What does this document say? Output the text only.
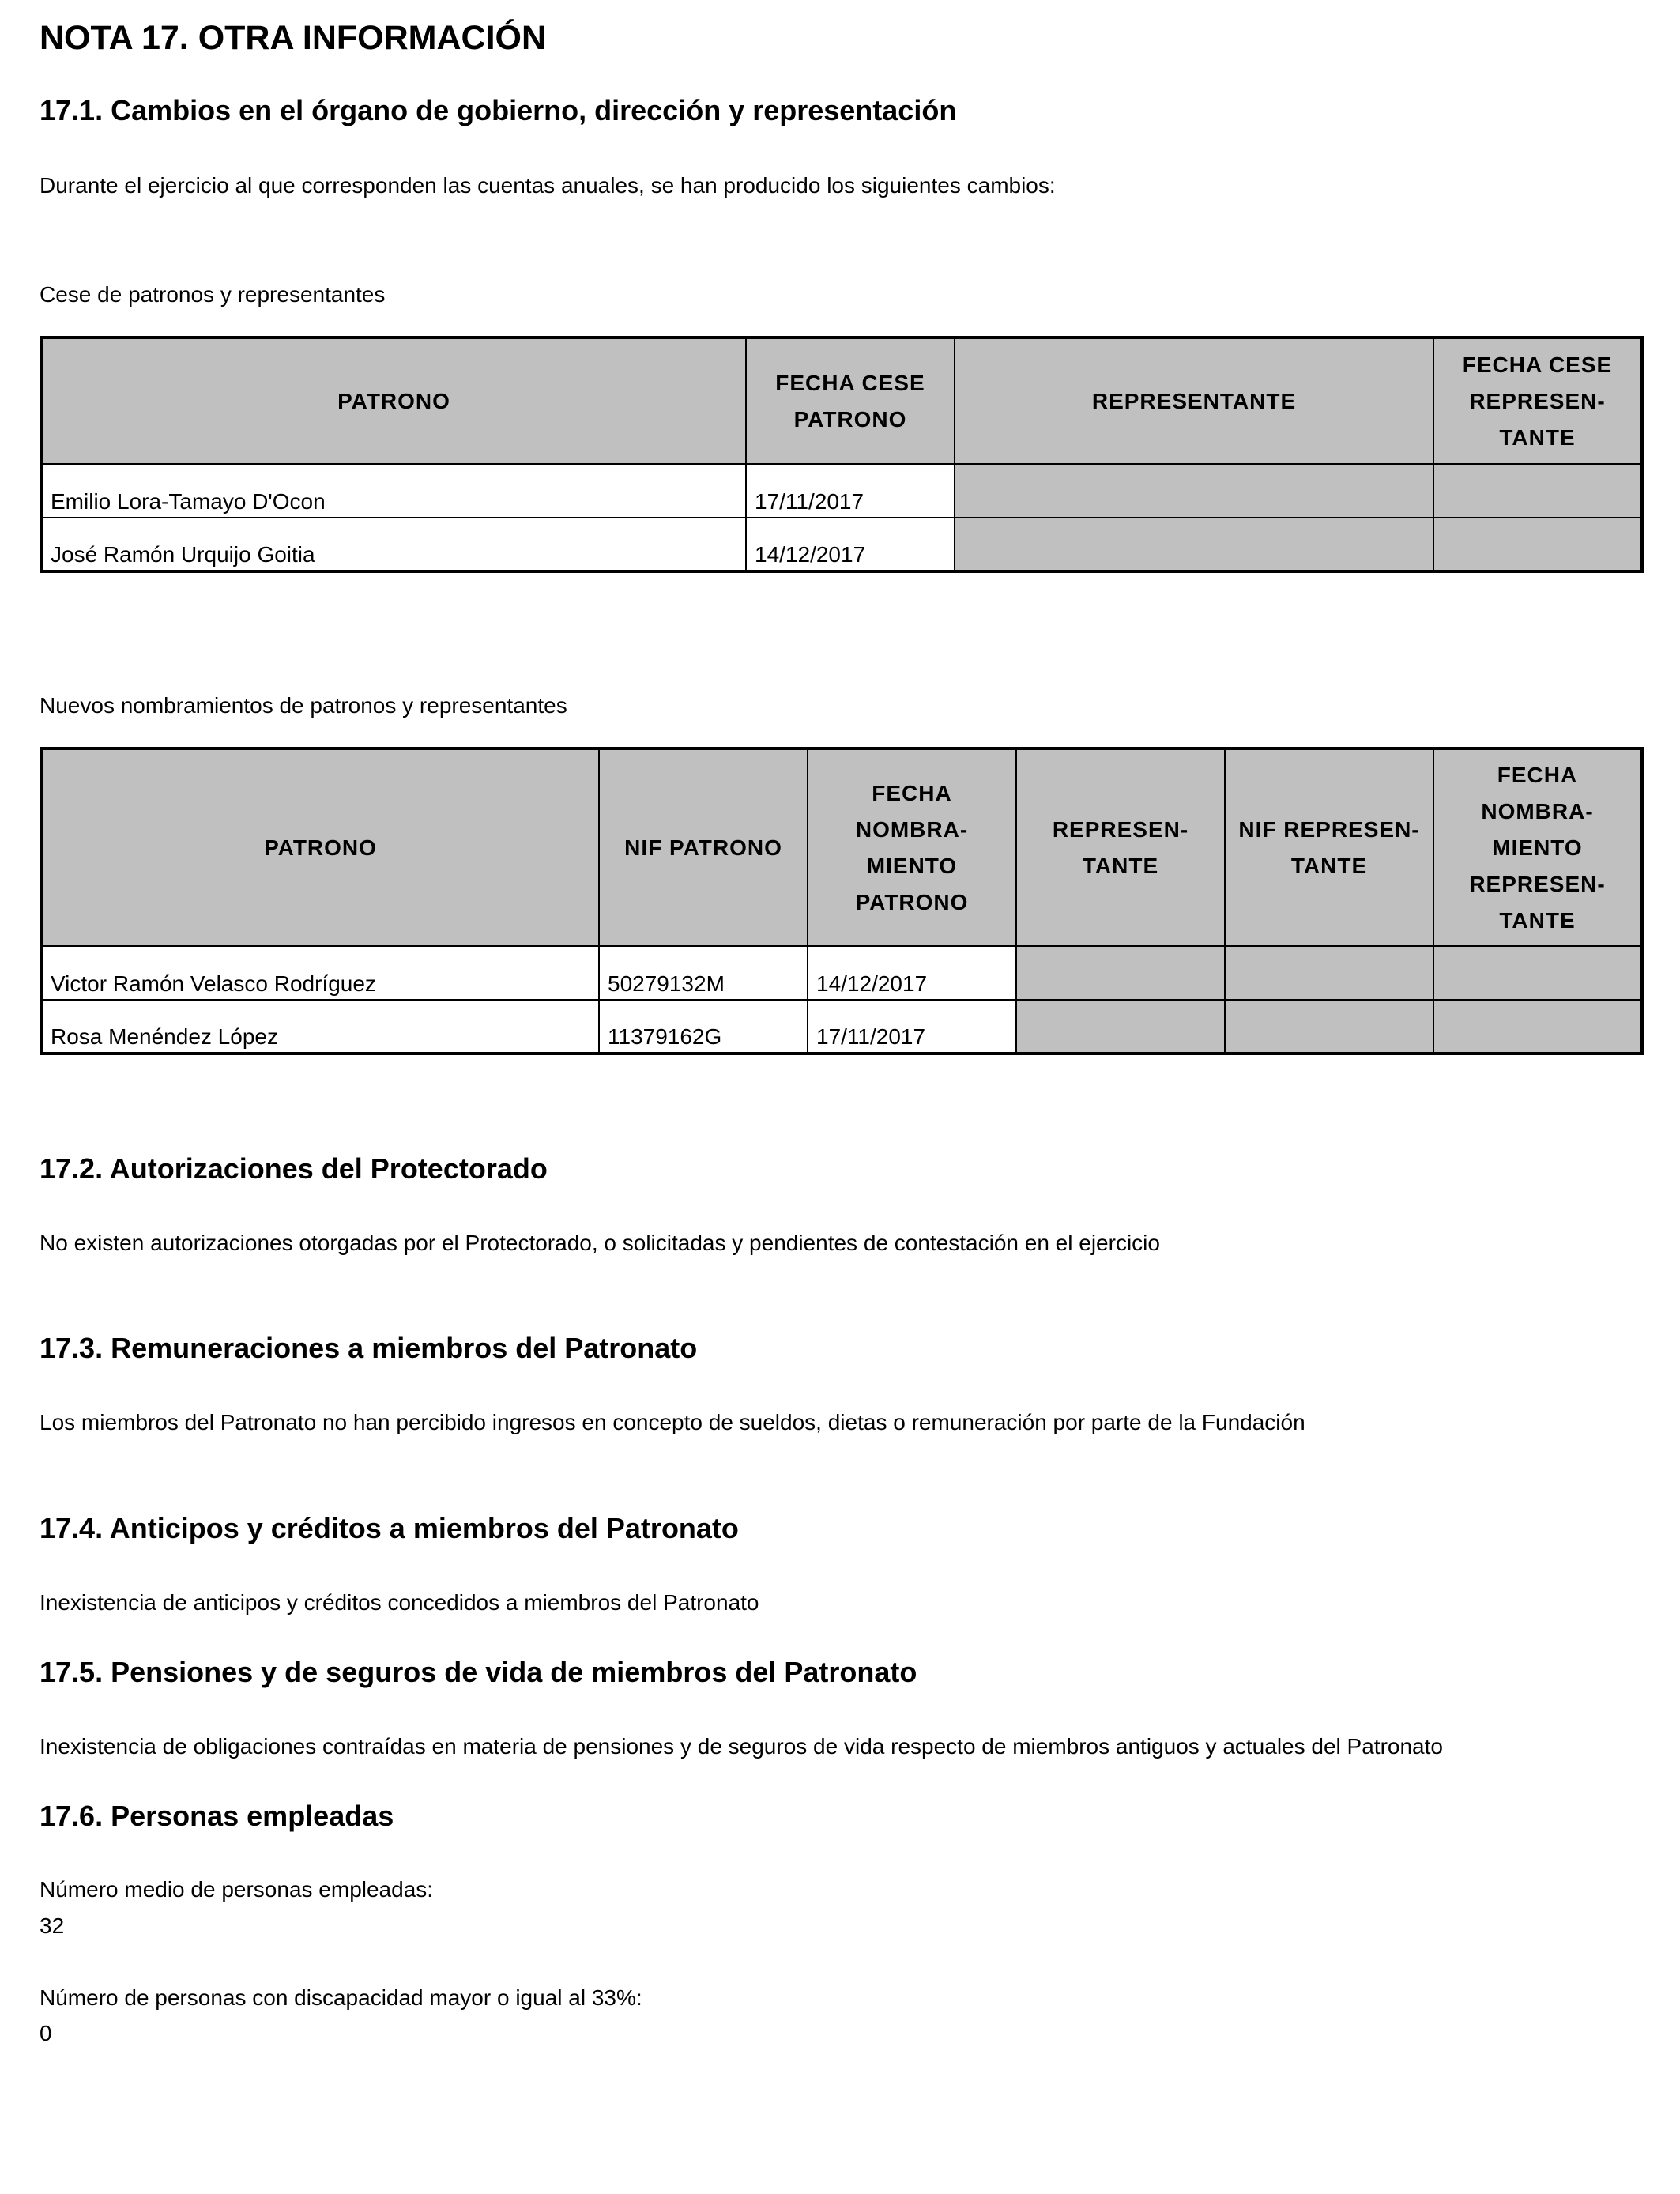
NOTA 17. OTRA INFORMACIÓN
17.1. Cambios en el órgano de gobierno, dirección y representación
Durante el ejercicio al que corresponden las cuentas anuales, se han producido los siguientes cambios:
Cese de patronos y representantes
PATRONO	FECHA CESE PATRONO	REPRESENTANTE	FECHA CESE REPRESEN- TANTE

Emilio Lora-Tamayo D'Ocon	17/11/2017		
José Ramón Urquijo Goitia	14/12/2017		
Nuevos nombramientos de patronos y representantes
PATRONO	NIF PATRONO	FECHA NOMBRA- MIENTO PATRONO	REPRESEN- TANTE	NIF REPRESEN- TANTE	FECHA NOMBRA- MIENTO REPRESEN- TANTE

Victor Ramón Velasco Rodríguez	50279132M	14/12/2017			
Rosa Menéndez López	11379162G	17/11/2017			
17.2. Autorizaciones del Protectorado
No existen autorizaciones otorgadas por el Protectorado, o solicitadas y pendientes de contestación en el ejercicio
17.3. Remuneraciones a miembros del Patronato
Los miembros del Patronato no han percibido ingresos en concepto de sueldos, dietas o remuneración por parte de la Fundación
17.4. Anticipos y créditos a miembros del Patronato
Inexistencia de anticipos y créditos concedidos a miembros del Patronato
17.5. Pensiones y de seguros de vida de miembros del Patronato
Inexistencia de obligaciones contraídas en materia de pensiones y de seguros de vida respecto de miembros antiguos y actuales del Patronato
17.6. Personas empleadas
Número medio de personas empleadas:
32
Número de personas con discapacidad mayor o igual al 33%:
0
